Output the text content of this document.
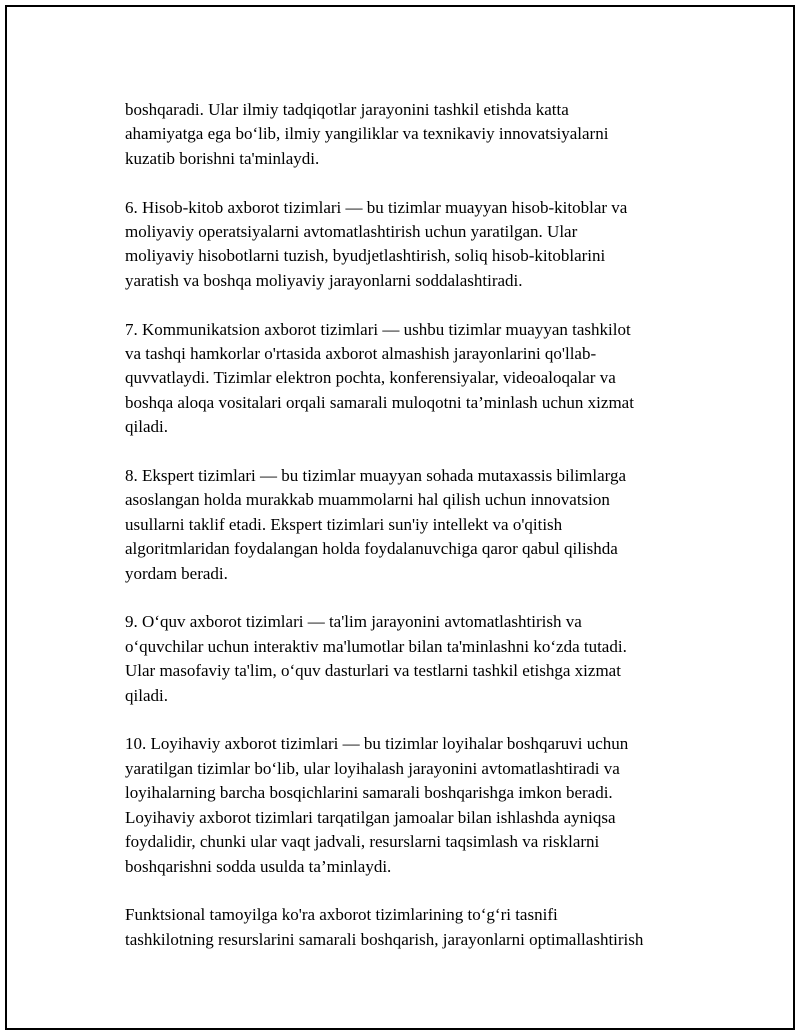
boshqaradi. Ular ilmiy tadqiqotlar jarayonini tashkil etishda katta
ahamiyatga ega bo‘lib, ilmiy yangiliklar va texnikaviy innovatsiyalarni
kuzatib borishni ta'minlaydi.

6. Hisob-kitob axborot tizimlari — bu tizimlar muayyan hisob-kitoblar va
moliyaviy operatsiyalarni avtomatlashtirish uchun yaratilgan. Ular
moliyaviy hisobotlarni tuzish, byudjetlashtirish, soliq hisob-kitoblarini
yaratish va boshqa moliyaviy jarayonlarni soddalashtiradi.

7. Kommunikatsion axborot tizimlari — ushbu tizimlar muayyan tashkilot
va tashqi hamkorlar o'rtasida axborot almashish jarayonlarini qo'llab-
quvvatlaydi. Tizimlar elektron pochta, konferensiyalar, videoaloqalar va
boshqa aloqa vositalari orqali samarali muloqotni ta’minlash uchun xizmat
qiladi.

8. Ekspert tizimlari — bu tizimlar muayyan sohada mutaxassis bilimlarga
asoslangan holda murakkab muammolarni hal qilish uchun innovatsion
usullarni taklif etadi. Ekspert tizimlari sun'iy intellekt va o'qitish
algoritmlaridan foydalangan holda foydalanuvchiga qaror qabul qilishda
yordam beradi.

9. O‘quv axborot tizimlari — ta'lim jarayonini avtomatlashtirish va
o‘quvchilar uchun interaktiv ma'lumotlar bilan ta'minlashni ko‘zda tutadi.
Ular masofaviy ta'lim, o‘quv dasturlari va testlarni tashkil etishga xizmat
qiladi.

10. Loyihaviy axborot tizimlari — bu tizimlar loyihalar boshqaruvi uchun
yaratilgan tizimlar bo‘lib, ular loyihalash jarayonini avtomatlashtiradi va
loyihalarning barcha bosqichlarini samarali boshqarishga imkon beradi.
Loyihaviy axborot tizimlari tarqatilgan jamoalar bilan ishlashda ayniqsa
foydalidir, chunki ular vaqt jadvali, resurslarni taqsimlash va risklarni
boshqarishni sodda usulda ta’minlaydi.

Funktsional tamoyilga ko'ra axborot tizimlarining to‘g‘ri tasnifi
tashkilotning resurslarini samarali boshqarish, jarayonlarni optimallashtirish
